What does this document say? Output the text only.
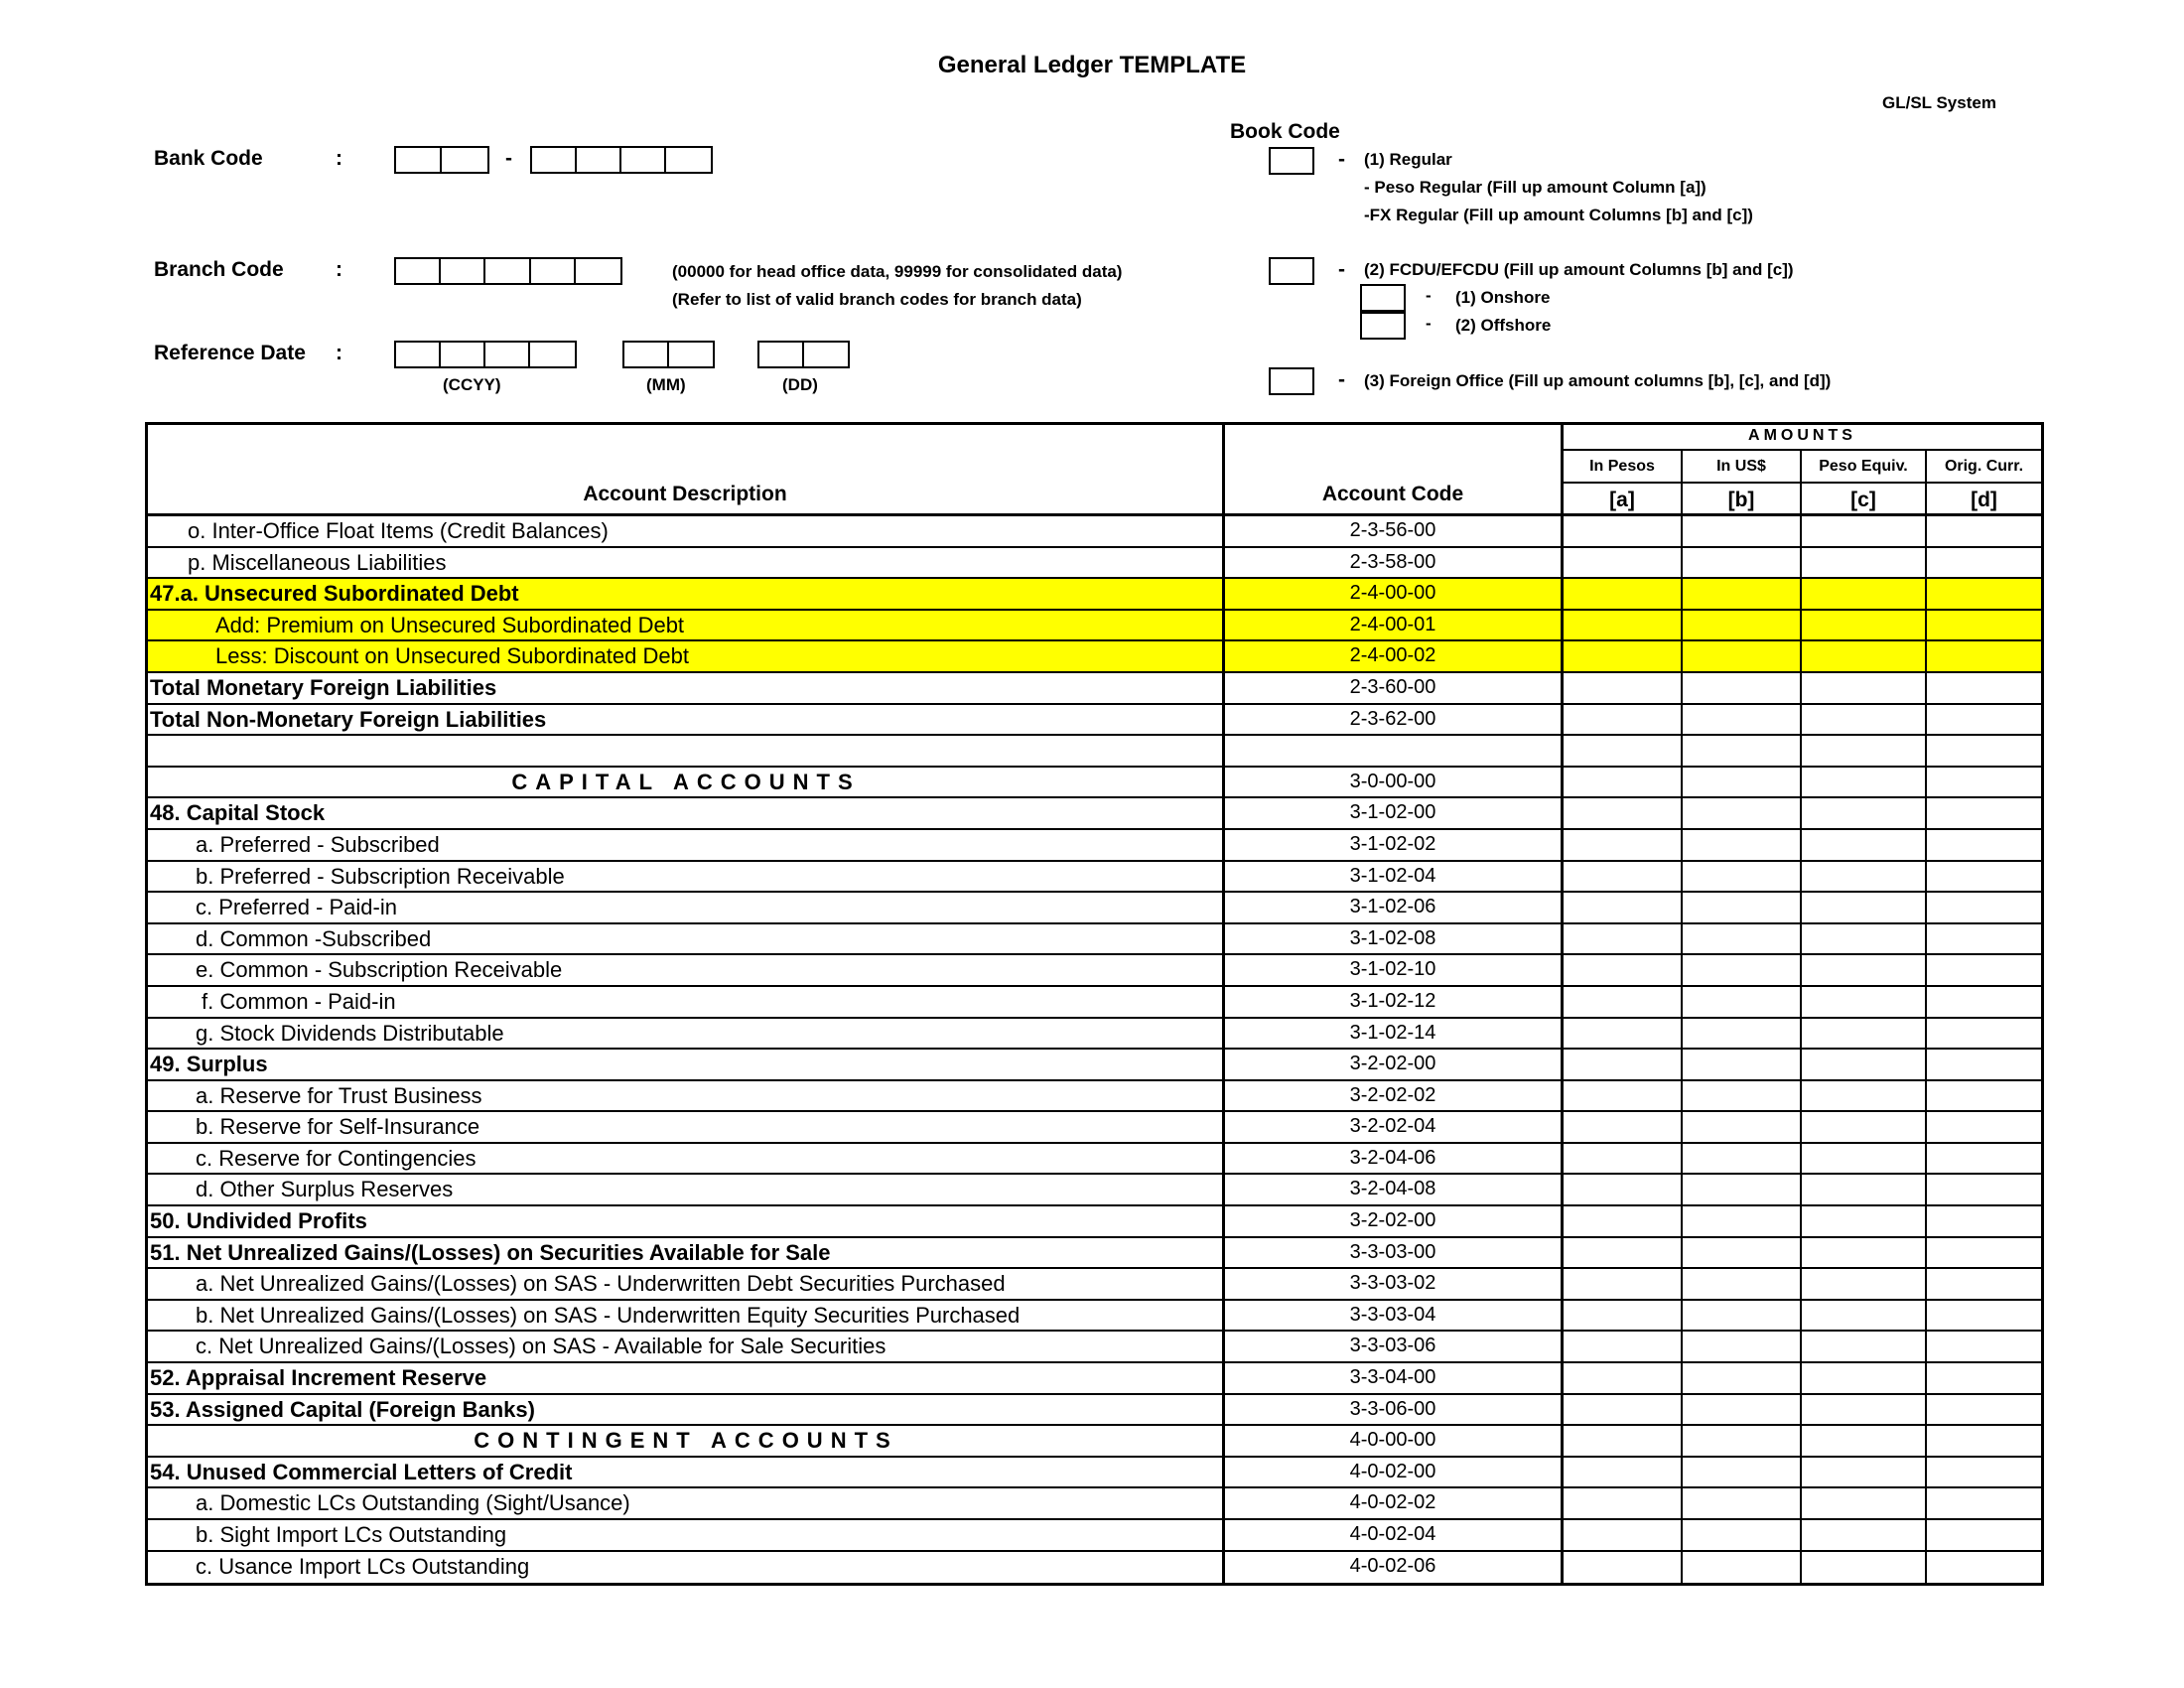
General Ledger TEMPLATE
GL/SL System
Bank Code	:	-
Branch Code :	(00000 for head office data, 99999 for consolidated data)
(Refer to list of valid branch codes for branch data)
Reference Date :
(CCYY)	(MM)	(DD)
Book Code
- (1) Regular
- Peso Regular (Fill up amount Column [a])
-FX Regular (Fill up amount Columns [b] and [c])
- (2) FCDU/EFCDU (Fill up amount Columns [b] and [c])
- (1) Onshore
- (2) Offshore
- (3) Foreign Office (Fill up amount columns [b], [c], and [d])
Account Description	Account Code
AMOUNTS
In Pesos	In US$	Peso Equiv.	Orig. Curr.
[a]	[b]	[c]	[d]
o. Inter-Office Float Items (Credit Balances)	2-3-56-00
p. Miscellaneous Liabilities	2-3-58-00
47.a. Unsecured Subordinated Debt	2-4-00-00
Add: Premium on Unsecured Subordinated Debt	2-4-00-01
Less: Discount on Unsecured Subordinated Debt	2-4-00-02
Total Monetary Foreign Liabilities	2-3-60-00
Total Non-Monetary Foreign Liabilities	2-3-62-00
CAPITAL ACCOUNTS	3-0-00-00
48. Capital Stock	3-1-02-00
a. Preferred - Subscribed	3-1-02-02
b. Preferred - Subscription Receivable	3-1-02-04
c. Preferred - Paid-in	3-1-02-06
d. Common -Subscribed	3-1-02-08
e. Common - Subscription Receivable	3-1-02-10
f. Common - Paid-in	3-1-02-12
g. Stock Dividends Distributable	3-1-02-14
49. Surplus	3-2-02-00
a. Reserve for Trust Business	3-2-02-02
b. Reserve for Self-Insurance	3-2-02-04
c. Reserve for Contingencies	3-2-04-06
d. Other Surplus Reserves	3-2-04-08
50. Undivided Profits	3-2-02-00
51. Net Unrealized Gains/(Losses) on Securities Available for Sale	3-3-03-00
a. Net Unrealized Gains/(Losses) on SAS - Underwritten Debt Securities Purchased	3-3-03-02
b. Net Unrealized Gains/(Losses) on SAS - Underwritten Equity Securities Purchased	3-3-03-04
c. Net Unrealized Gains/(Losses) on SAS - Available for Sale Securities	3-3-03-06
52. Appraisal Increment Reserve	3-3-04-00
53. Assigned Capital (Foreign Banks)	3-3-06-00
CONTINGENT ACCOUNTS	4-0-00-00
54. Unused Commercial Letters of Credit	4-0-02-00
a. Domestic LCs Outstanding (Sight/Usance)	4-0-02-02
b. Sight Import LCs Outstanding	4-0-02-04
c. Usance Import LCs Outstanding	4-0-02-06
